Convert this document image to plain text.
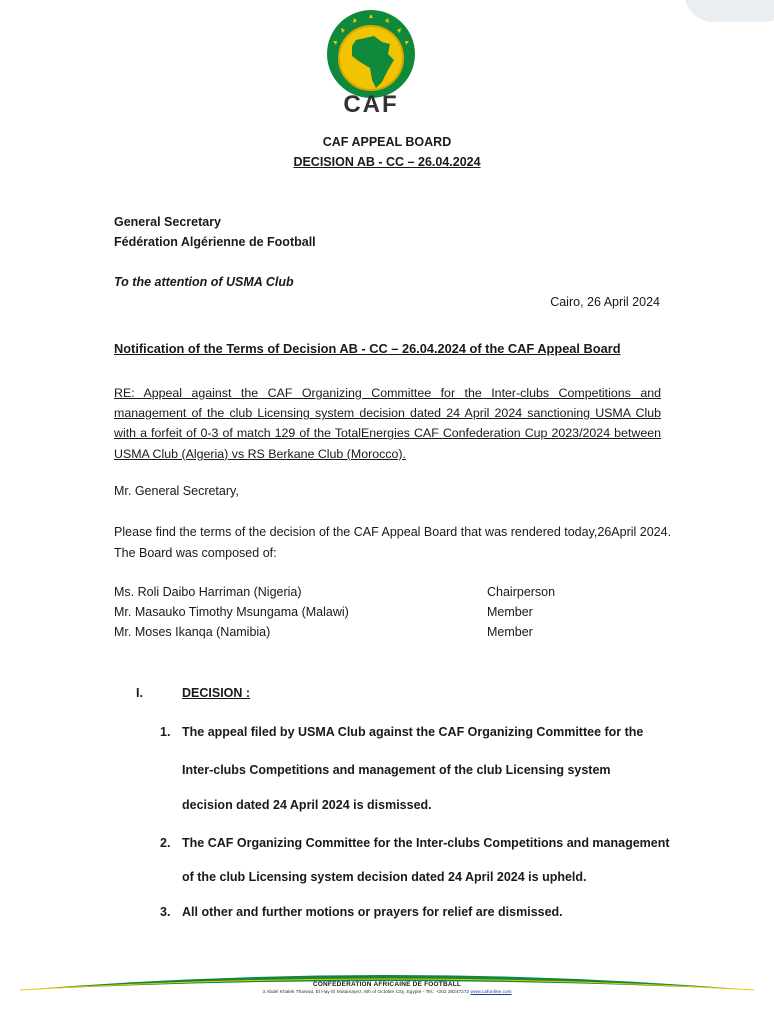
CAF
CAF APPEAL BOARD
DECISION AB - CC – 26.04.2024
General Secretary
Fédération Algérienne de Football
To the attention of USMA Club
Cairo, 26 April 2024
Notification of the Terms of Decision AB - CC – 26.04.2024 of the CAF Appeal Board

RE: Appeal against the CAF Organizing Committee for the Inter-clubs Competitions and management of the club Licensing system decision dated 24 April 2024 sanctioning USMA Club with a forfeit of 0-3 of match 129 of the TotalEnergies CAF Confederation Cup 2023/2024 between USMA Club (Algeria) vs RS Berkane Club (Morocco).

Mr. General Secretary,

Please find the terms of the decision of the CAF Appeal Board that was rendered today,26April 2024. The Board was composed of:

Ms. Roli Daibo Harriman (Nigeria)	Chairperson
Mr. Masauko Timothy Msungama (Malawi)	Member
Mr. Moses Ikanqa (Namibia)	Member
I.	DECISION :
1. The appeal filed by USMA Club against the CAF Organizing Committee for the
Inter-clubs Competitions and management of the club Licensing system
decision dated 24 April 2024 is dismissed.
2. The CAF Organizing Committee for the Inter-clubs Competitions and management
of the club Licensing system decision dated 24 April 2024 is upheld.
3. All other and further motions or prayers for relief are dismissed.
CONFEDERATION AFRICAINE DE FOOTBALL
3 Abdel Khalek Tharwat, El Hay El Motamayez, 6th of October City, Egypte - Tel.: +202 38247272 www.cafonline.com
